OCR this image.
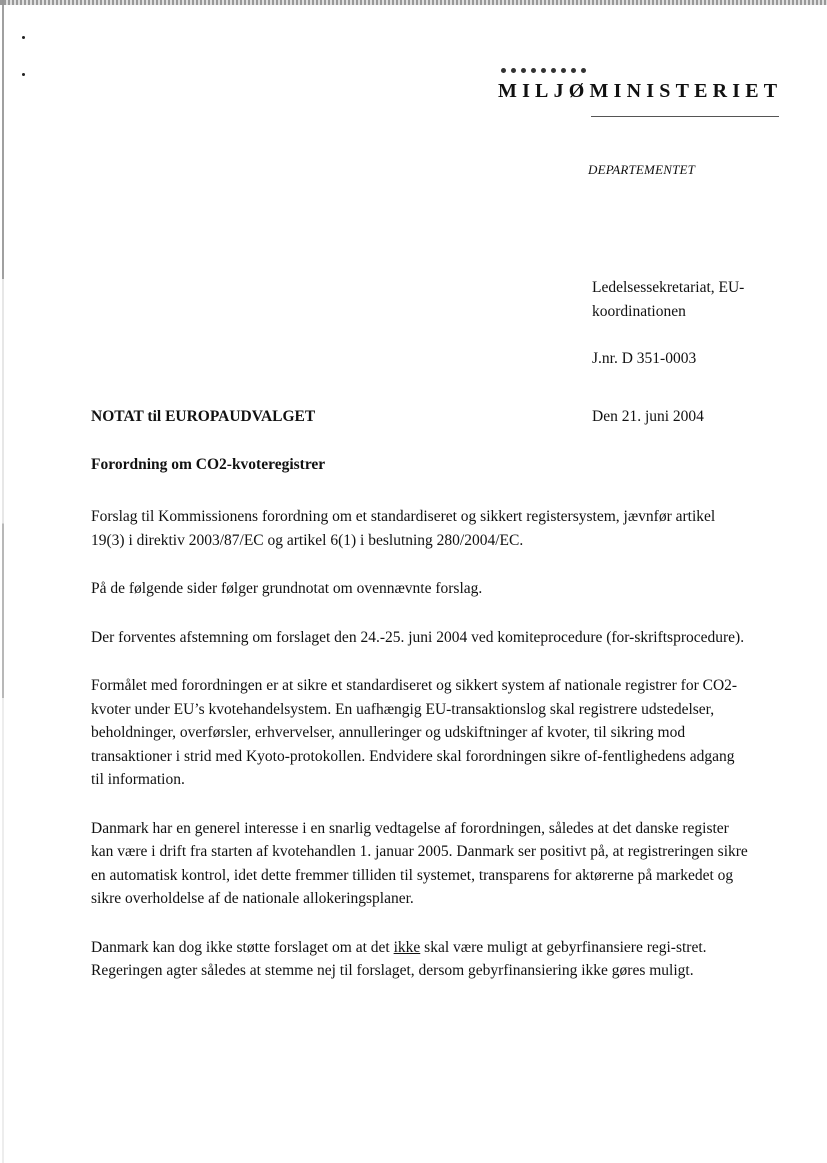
MILJØMINISTERIET
DEPARTEMENTET
Ledelsessekretariat, EU-
koordinationen
J.nr. D 351-0003
Den 21. juni 2004
NOTAT til EUROPAUDVALGET
Forordning om CO2-kvoteregistrer

Forslag til Kommissionens forordning om et standardiseret og sikkert registersystem, jævnfør artikel 19(3) i direktiv 2003/87/EC og artikel 6(1) i beslutning 280/2004/EC.

På de følgende sider følger grundnotat om ovennævnte forslag.

Der forventes afstemning om forslaget den 24.-25. juni 2004 ved komiteprocedure (for-skriftsprocedure).

Formålet med forordningen er at sikre et standardiseret og sikkert system af nationale registrer for CO2-kvoter under EU’s kvotehandelsystem. En uafhængig EU-transaktionslog skal registrere udstedelser, beholdninger, overførsler, erhvervelser, annulleringer og udskiftninger af kvoter, til sikring mod transaktioner i strid med Kyoto-protokollen. Endvidere skal forordningen sikre of-fentlighedens adgang til information.

Danmark har en generel interesse i en snarlig vedtagelse af forordningen, således at det danske register kan være i drift fra starten af kvotehandlen 1. januar 2005. Danmark ser positivt på, at registreringen sikre en automatisk kontrol, idet dette fremmer tilliden til systemet, transparens for aktørerne på markedet og sikre overholdelse af de nationale allokeringsplaner.

Danmark kan dog ikke støtte forslaget om at det ikke skal være muligt at gebyrfinansiere regi-stret. Regeringen agter således at stemme nej til forslaget, dersom gebyrfinansiering ikke gøres muligt.
